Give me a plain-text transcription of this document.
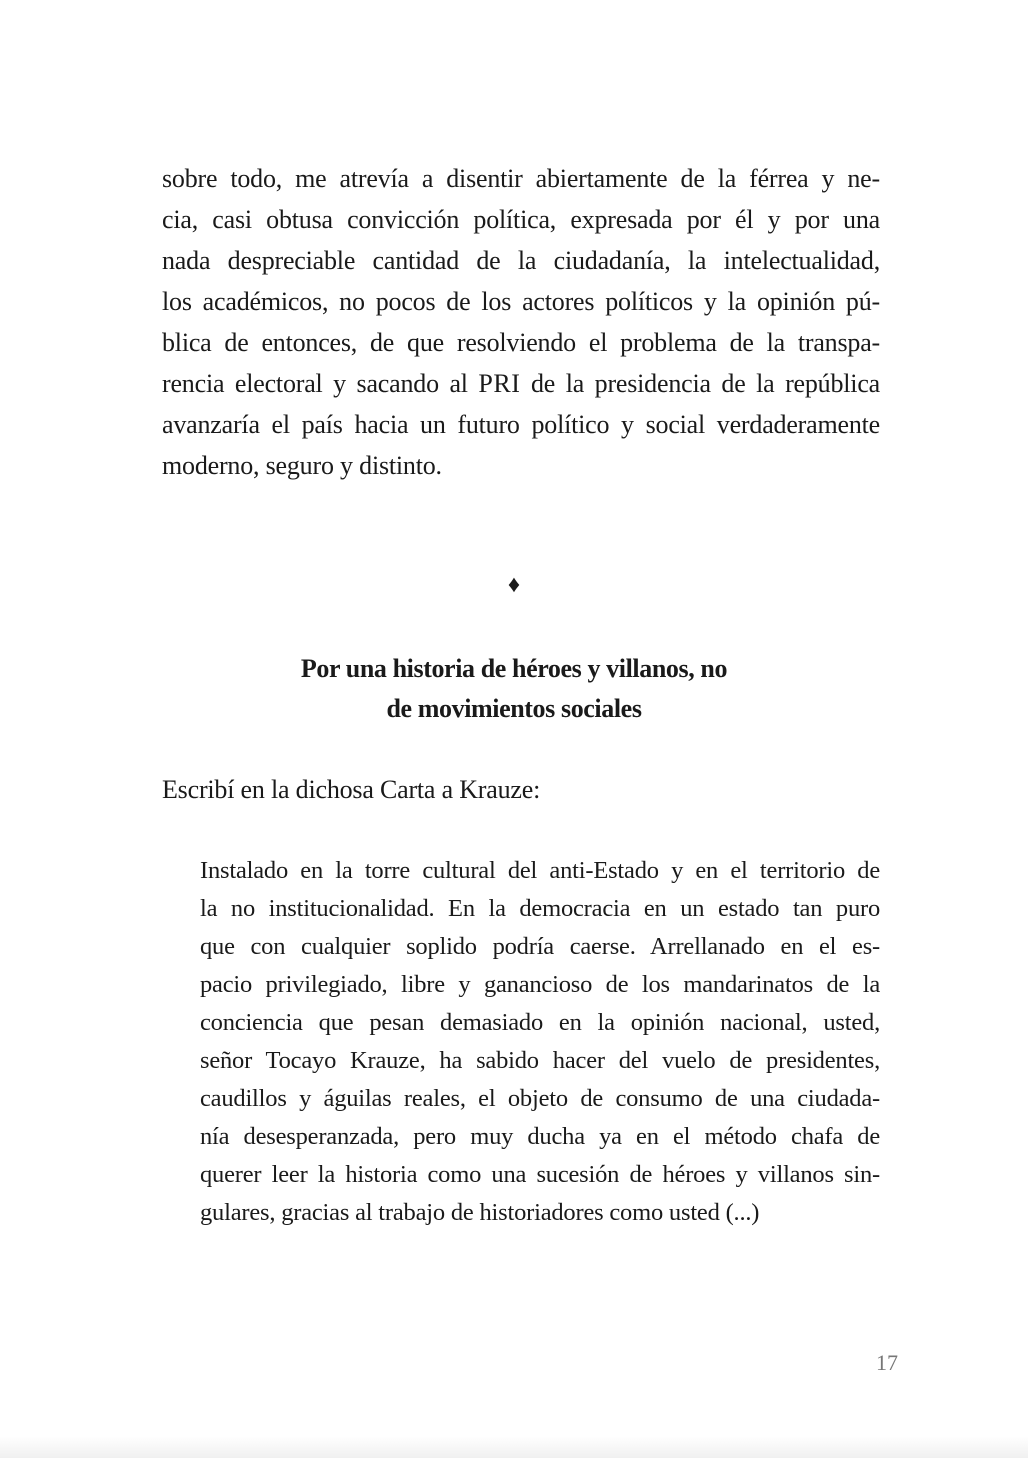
sobre todo, me atrevía a disentir abiertamente de la férrea y ne-
cia, casi obtusa convicción política, expresada por él y por una
nada despreciable cantidad de la ciudadanía, la intelectualidad,
los académicos, no pocos de los actores políticos y la opinión pú-
blica de entonces, de que resolviendo el problema de la transpa-
rencia electoral y sacando al PRI de la presidencia de la república
avanzaría el país hacia un futuro político y social verdaderamente
moderno, seguro y distinto.
♦
Por una historia de héroes y villanos, no
de movimientos sociales
Escribí en la dichosa Carta a Krauze:
Instalado en la torre cultural del anti-Estado y en el territorio de
la no institucionalidad. En la democracia en un estado tan puro
que con cualquier soplido podría caerse. Arrellanado en el es-
pacio privilegiado, libre y ganancioso de los mandarinatos de la
conciencia que pesan demasiado en la opinión nacional, usted,
señor Tocayo Krauze, ha sabido hacer del vuelo de presidentes,
caudillos y águilas reales, el objeto de consumo de una ciudada-
nía desesperanzada, pero muy ducha ya en el método chafa de
querer leer la historia como una sucesión de héroes y villanos sin-
gulares, gracias al trabajo de historiadores como usted (...)
17
